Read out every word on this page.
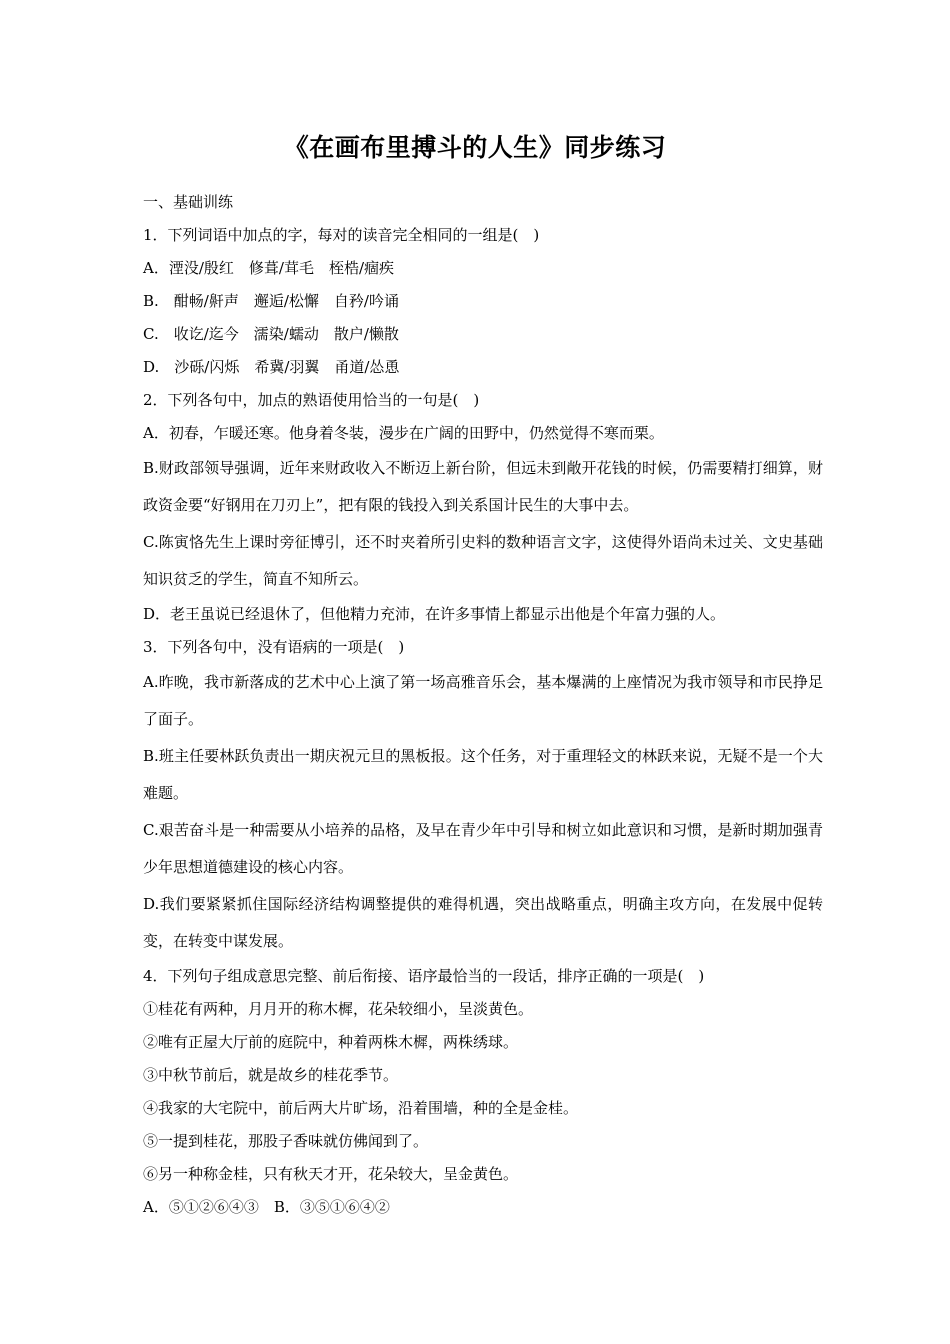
《在画布里搏斗的人生》同步练习
一、基础训练
1．下列词语中加点的字，每对的读音完全相同的一组是(　)
A．湮没/殷红　修葺/茸毛　桎梏/痼疾
B.　酣畅/鼾声　邂逅/松懈　自矜/吟诵
C.　收讫/迄今　濡染/蠕动　散户/懒散
D.　沙砾/闪烁　希冀/羽翼　甬道/怂恿
2．下列各句中，加点的熟语使用恰当的一句是(　)
A．初春，乍暖还寒。他身着冬装，漫步在广阔的田野中，仍然觉得不寒而栗。
B.财政部领导强调，近年来财政收入不断迈上新台阶，但远未到敞开花钱的时候，仍需要精打细算，财政资金要“好钢用在刀刃上”，把有限的钱投入到关系国计民生的大事中去。
C.陈寅恪先生上课时旁征博引，还不时夹着所引史料的数种语言文字，这使得外语尚未过关、文史基础知识贫乏的学生，简直不知所云。
D．老王虽说已经退休了，但他精力充沛，在许多事情上都显示出他是个年富力强的人。
3．下列各句中，没有语病的一项是(　)
A.昨晚，我市新落成的艺术中心上演了第一场高雅音乐会，基本爆满的上座情况为我市领导和市民挣足了面子。
B.班主任要林跃负责出一期庆祝元旦的黑板报。这个任务，对于重理轻文的林跃来说，无疑不是一个大难题。
C.艰苦奋斗是一种需要从小培养的品格，及早在青少年中引导和树立如此意识和习惯，是新时期加强青少年思想道德建设的核心内容。
D.我们要紧紧抓住国际经济结构调整提供的难得机遇，突出战略重点，明确主攻方向，在发展中促转变，在转变中谋发展。
4．下列句子组成意思完整、前后衔接、语序最恰当的一段话，排序正确的一项是(　)
①桂花有两种，月月开的称木樨，花朵较细小，呈淡黄色。
②唯有正屋大厅前的庭院中，种着两株木樨，两株绣球。
③中秋节前后，就是故乡的桂花季节。
④我家的大宅院中，前后两大片旷场，沿着围墙，种的全是金桂。
⑤一提到桂花，那股子香味就仿佛闻到了。
⑥另一种称金桂，只有秋天才开，花朵较大，呈金黄色。
A．⑤①②⑥④③　B．③⑤①⑥④②
